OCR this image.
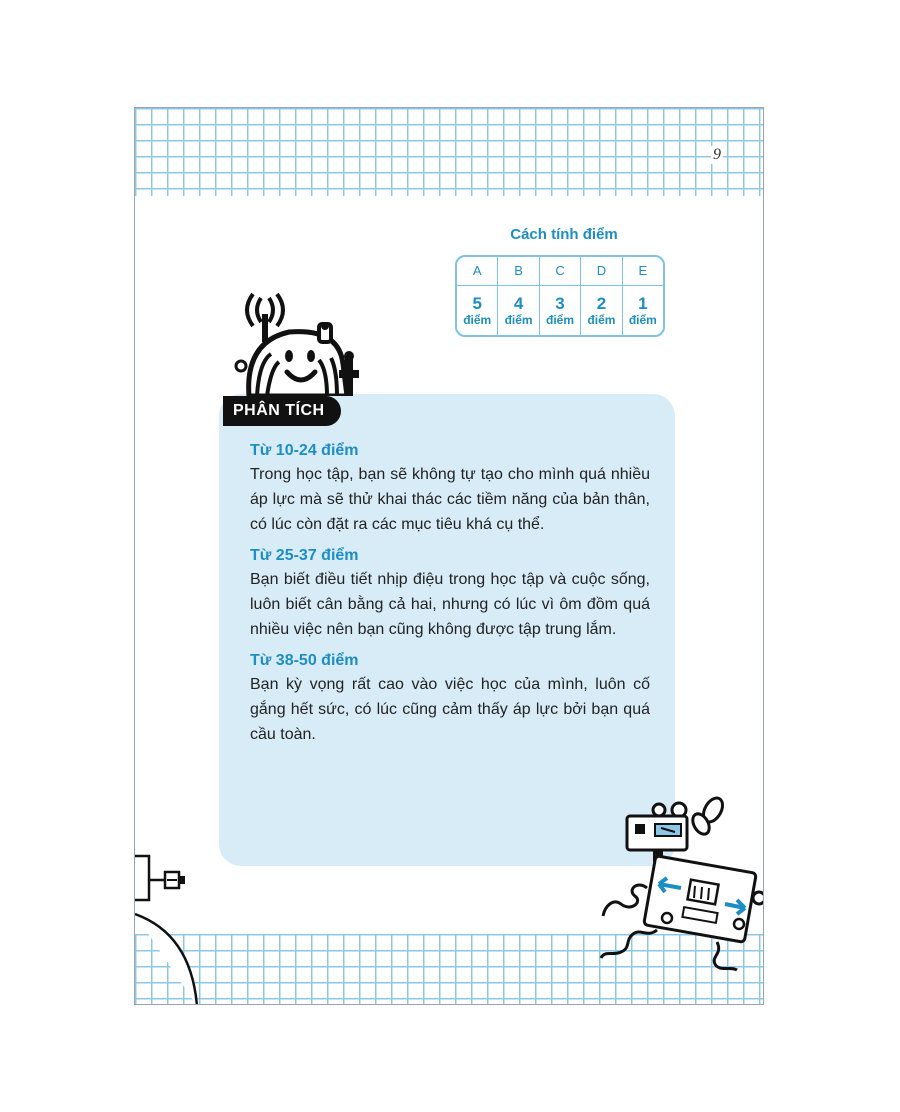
9
Cách tính điểm
A
5
điểm
B
4
điểm
C
3
điểm
D
2
điểm
E
1
điểm
PHÂN TÍCH
Từ 10-24 điểm

Trong học tập, bạn sẽ không tự tạo cho mình quá nhiều áp lực mà sẽ thử khai thác các tiềm năng của bản thân, có lúc còn đặt ra các mục tiêu khá cụ thể.

Từ 25-37 điểm

Bạn biết điều tiết nhịp điệu trong học tập và cuộc sống, luôn biết cân bằng cả hai, nhưng có lúc vì ôm đồm quá nhiều việc nên bạn cũng không được tập trung lắm.

Từ 38-50 điểm

Bạn kỳ vọng rất cao vào việc học của mình, luôn cố gắng hết sức, có lúc cũng cảm thấy áp lực bởi bạn quá cầu toàn.
